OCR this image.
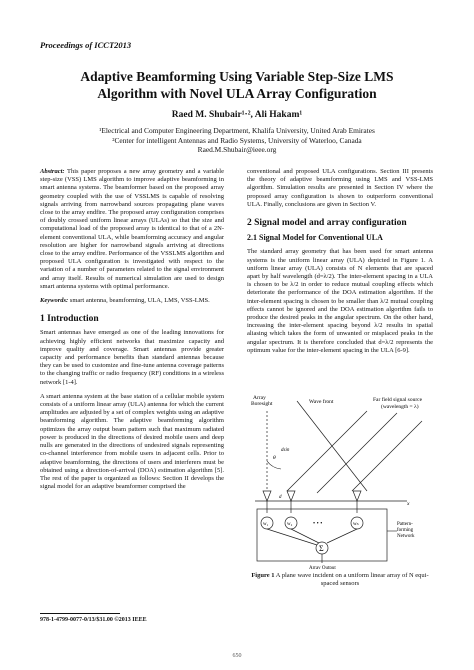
Proceedings of ICCT2013
Adaptive Beamforming Using Variable Step-Size LMS
Algorithm with Novel ULA Array Configuration
Raed M. Shubair¹·², Ali Hakam¹
¹Electrical and Computer Engineering Department, Khalifa University, United Arab Emirates
²Center for intelligent Antennas and Radio Systems, University of Waterloo, Canada
Raed.M.Shubair@ieee.org

Abstract: This paper proposes a new array geometry and a variable step-size (VSS) LMS algorithm to improve adaptive beamforming in smart antenna systems. The beamformer based on the proposed array geometry coupled with the use of VSSLMS is capable of resolving signals arriving from narrowband sources propagating plane waves close to the array endfire. The proposed array configuration comprises of doubly crossed uniform linear arrays (ULAs) so that the size and computational load of the proposed array is identical to that of a 2N-element conventional ULA, while beamforming accuracy and angular resolution are higher for narrowband signals arriving at directions close to the array endfire. Performance of the VSSLMS algorithm and proposed ULA configuration is investigated with respect to the variation of a number of parameters related to the signal environment and array itself. Results of numerical simulation are used to design smart antenna systems with optimal performance.

Keywords: smart antenna, beamforming, ULA, LMS, VSS-LMS.

1 Introduction

Smart antennas have emerged as one of the leading innovations for achieving highly efficient networks that maximize capacity and improve quality and coverage. Smart antennas provide greater capacity and performance benefits than standard antennas because they can be used to customize and fine-tune antenna coverage patterns to the changing traffic or radio frequency (RF) conditions in a wireless network [1-4].

A smart antenna system at the base station of a cellular mobile system consists of a uniform linear array (ULA) antenna for which the current amplitudes are adjusted by a set of complex weights using an adaptive beamforming algorithm. The adaptive beamforming algorithm optimizes the array output beam pattern such that maximum radiated power is produced in the directions of desired mobile users and deep nulls are generated in the directions of undesired signals representing co-channel interference from mobile users in adjacent cells. Prior to adaptive beamforming, the directions of users and interferers must be obtained using a direction-of-arrival (DOA) estimation algorithm [5]. The rest of the paper is organized as follows: Section II develops the signal model for an adaptive beamformer comprised the

conventional and proposed ULA configurations. Section III presents the theory of adaptive beamforming using LMS and VSS-LMS algorithm. Simulation results are presented in Section IV where the proposed array configuration is shown to outperform conventional ULA. Finally, conclusions are given in Section V.

2 Signal model and array configuration
2.1 Signal Model for Conventional ULA

The standard array geometry that has been used for smart antenna systems is the uniform linear array (ULA) depicted in Figure 1. A uniform linear array (ULA) consists of N elements that are spaced apart by half wavelength (d=λ/2). The inter-element spacing in a ULA is chosen to be λ/2 in order to reduce mutual coupling effects which deteriorate the performance of the DOA estimation algorithm. If the inter-element spacing is chosen to be smaller than λ/2 mutual coupling effects cannot be ignored and the DOA estimation algorithm fails to produce the desired peaks in the angular spectrum. On the other hand, increasing the inter-element spacing beyond λ/2 results in spatial aliasing which takes the form of unwanted or misplaced peaks in the angular spectrum. It is therefore concluded that d=λ/2 represents the optimum value for the inter-element spacing in the ULA [6-9].

Array Boresight	Wave front	Far field signal source
(wavelength = λ)
θ
dsin
x
d
w₁	w₂	wₙ
• • •
Σ
Array Output
Pattern-forming Network
Figure 1 A plane wave incident on a uniform linear array of N equi-spaced sensors
978-1-4799-0077-0/13/$31.00 ©2013 IEEE
650
